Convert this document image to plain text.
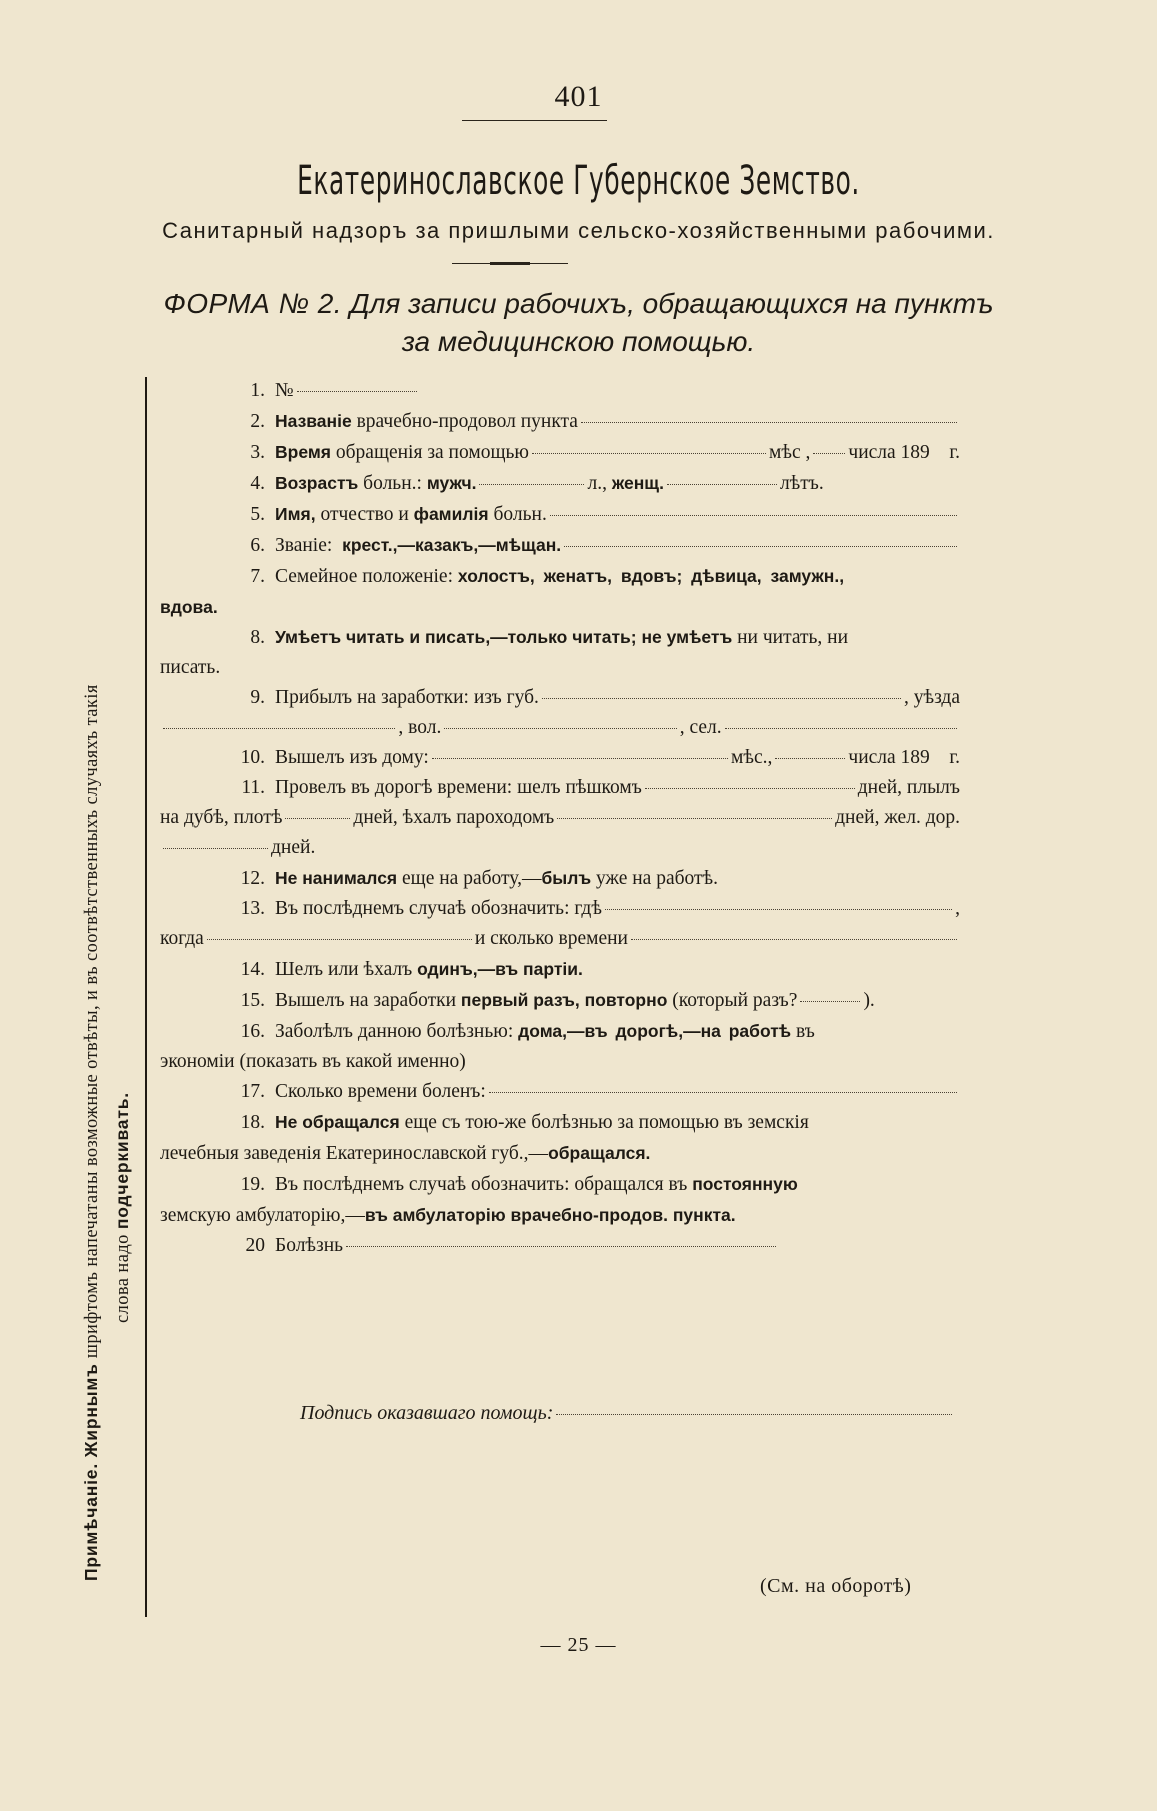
401
Екатеринославское Губернское Земство.
Санитарный надзоръ за пришлыми сельско-хозяйственными рабочими.
ФОРМА № 2. Для записи рабочихъ, обращающихся на пунктъ
за медицинскою помощью.
Примѣчаніе. Жирнымъ шрифтомъ напечатаны возможные отвѣты, и въ соотвѣтственныхъ случаяхъ такія слова надо подчеркивать.
1. №
2. Названіе
врачебно-продовол пункта
3. Время
обращенія за помощью	мѣс , числа 189
г.
4. Возрастъ
больн.:
мужч.	л.,
женщ.	лѣтъ.
5. Имя,
отчество и
фамилія
больн.
6. Званіе:
крест.,—казакъ,—мѣщан.
7. Семейное положеніе:
холостъ, женатъ, вдовъ; дѣвица, замужн.,
вдова.
8. Умѣетъ читать и писать,—только читать; не умѣетъ
ни читать, ни
писать.
9. Прибылъ на заработки: изъ губ.	, уѣзда
, вол.	, сел.
10. Вышелъ изъ дому:	мѣс.,	числа 189
г.
11. Провелъ въ дорогѣ времени: шелъ пѣшкомъ	дней, плылъ
на дубѣ, плотѣ	дней, ѣхалъ пароходомъ	дней, жел. дор.
дней.
12. Не нанимался
еще на работу,— былъ
уже на работѣ.
13. Въ послѣднемъ случаѣ обозначить: гдѣ	,
когда	и сколько времени
14. Шелъ или ѣхалъ
одинъ,—въ партіи.
15. Вышелъ на заработки
первый разъ, повторно
(который разъ?	).
16. Заболѣлъ данною болѣзнью:
дома,—въ дорогѣ,—на работѣ
въ
экономіи (показать въ какой именно)
17. Сколько времени боленъ:
18. Не обращался
еще съ тою-же болѣзнью за помощью въ земскія
лечебныя заведенія Екатеринославской губ.,— обращался.
19. Въ послѣднемъ случаѣ обозначить: обращался въ
постоянную
земскую амбулаторію,— въ амбулаторію врачебно-продов. пункта.
20 Болѣзнь
Подпись оказавшаго помощь:
(См. на оборотѣ)
— 25 —
